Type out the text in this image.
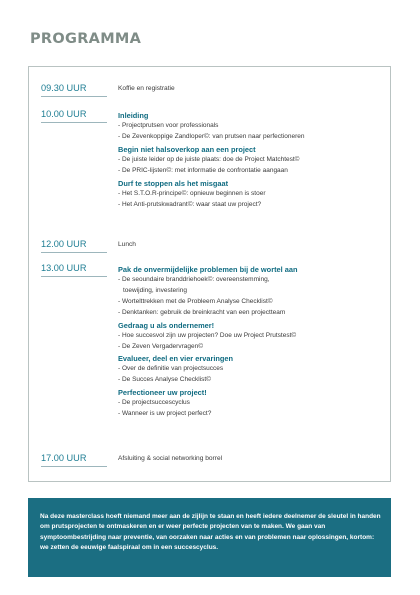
PROGRAMMA
09.30 UUR	Koffie en registratie
10.00 UUR	Inleiding
- Projectprutsen voor professionals
- De Zevenkoppige Zandloper©: van prutsen naar perfectioneren
Begin niet halsoverkop aan een project
- De juiste leider op de juiste plaats: doe de Project Matchtest©
- De PRIC-lijsten©: met informatie de confrontatie aangaan
Durf te stoppen als het misgaat
- Het S.T.O.R-principe©: opnieuw beginnen is stoer
- Het Anti-prutskwadrant©: waar staat uw project?
12.00 UUR	Lunch
13.00 UUR	Pak de onvermijdelijke problemen bij de wortel aan
- De seoundaire branddriehoek©: overeenstemming,
toewijding, investering
- Wortelttrekken met de Probleem Analyse Checklist©
- Denktanken: gebruik de breinkracht van een projectteam
Gedraag u als ondernemer!
- Hoe succesvol zijn uw projecten? Doe uw Project Prutstest©
- De Zeven Vergadervragen©
Evalueer, deel en vier ervaringen
- Over de definitie van projectsucces
- De Succes Analyse Checklist©
Perfectioneer uw project!
- De projectsuccescyclus
- Wanneer is uw project perfect?
17.00 UUR	Afsluiting & social networking borrel

Na deze masterclass hoeft niemand meer aan de zijlijn te staan en heeft iedere deelnemer de sleutel in handen om prutsprojecten te ontmaskeren en er weer perfecte projecten van te maken. We gaan van symptoombestrijding naar preventie, van oorzaken naar acties en van problemen naar oplossingen, kortom: we zetten de eeuwige faalspiraal om in een succescyclus.
